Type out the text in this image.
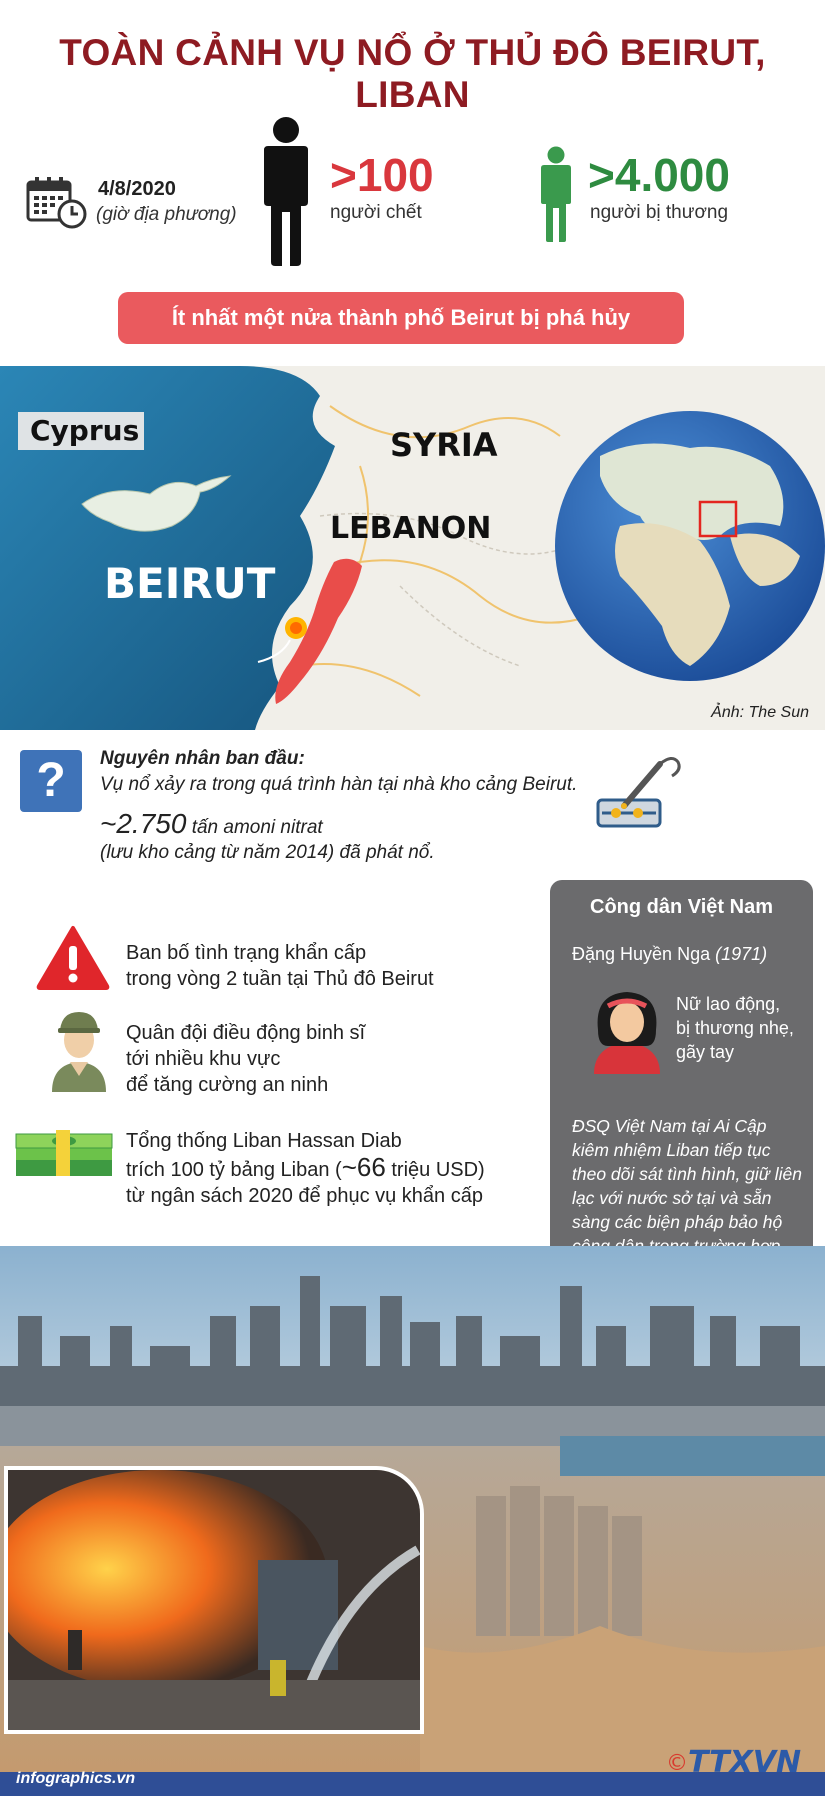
TOÀN CẢNH VỤ NỔ Ở THỦ ĐÔ BEIRUT, LIBAN
4/8/2020
(giờ địa phương)
>100
người chết
>4.000
người bị thương
Ít nhất một nửa thành phố Beirut bị phá hủy
Cyprus	SYRIA
LEBANON
BEIRUT
Ảnh: The Sun
?	Nguyên nhân ban đầu:
Vụ nổ xảy ra trong quá trình hàn tại nhà kho cảng Beirut.
~2.750 tấn amoni nitrat
(lưu kho cảng từ năm 2014) đã phát nổ.
Ban bố tình trạng khẩn cấp
trong vòng 2 tuần tại Thủ đô Beirut
Quân đội điều động binh sĩ
tới nhiều khu vực
để tăng cường an ninh
Tổng thống Liban Hassan Diab
trích 100 tỷ bảng Liban (~66 triệu USD)
từ ngân sách 2020 để phục vụ khẩn cấp
Công dân Việt Nam
Đặng Huyền Nga (1971)
Nữ lao động,
bị thương nhẹ,
gãy tay
ĐSQ Việt Nam tại Ai Cập kiêm nhiệm Liban tiếp tục theo dõi sát tình hình, giữ liên lạc với nước sở tại và sẵn sàng các biện pháp bảo hộ
infographics.vn
© TTXVN
